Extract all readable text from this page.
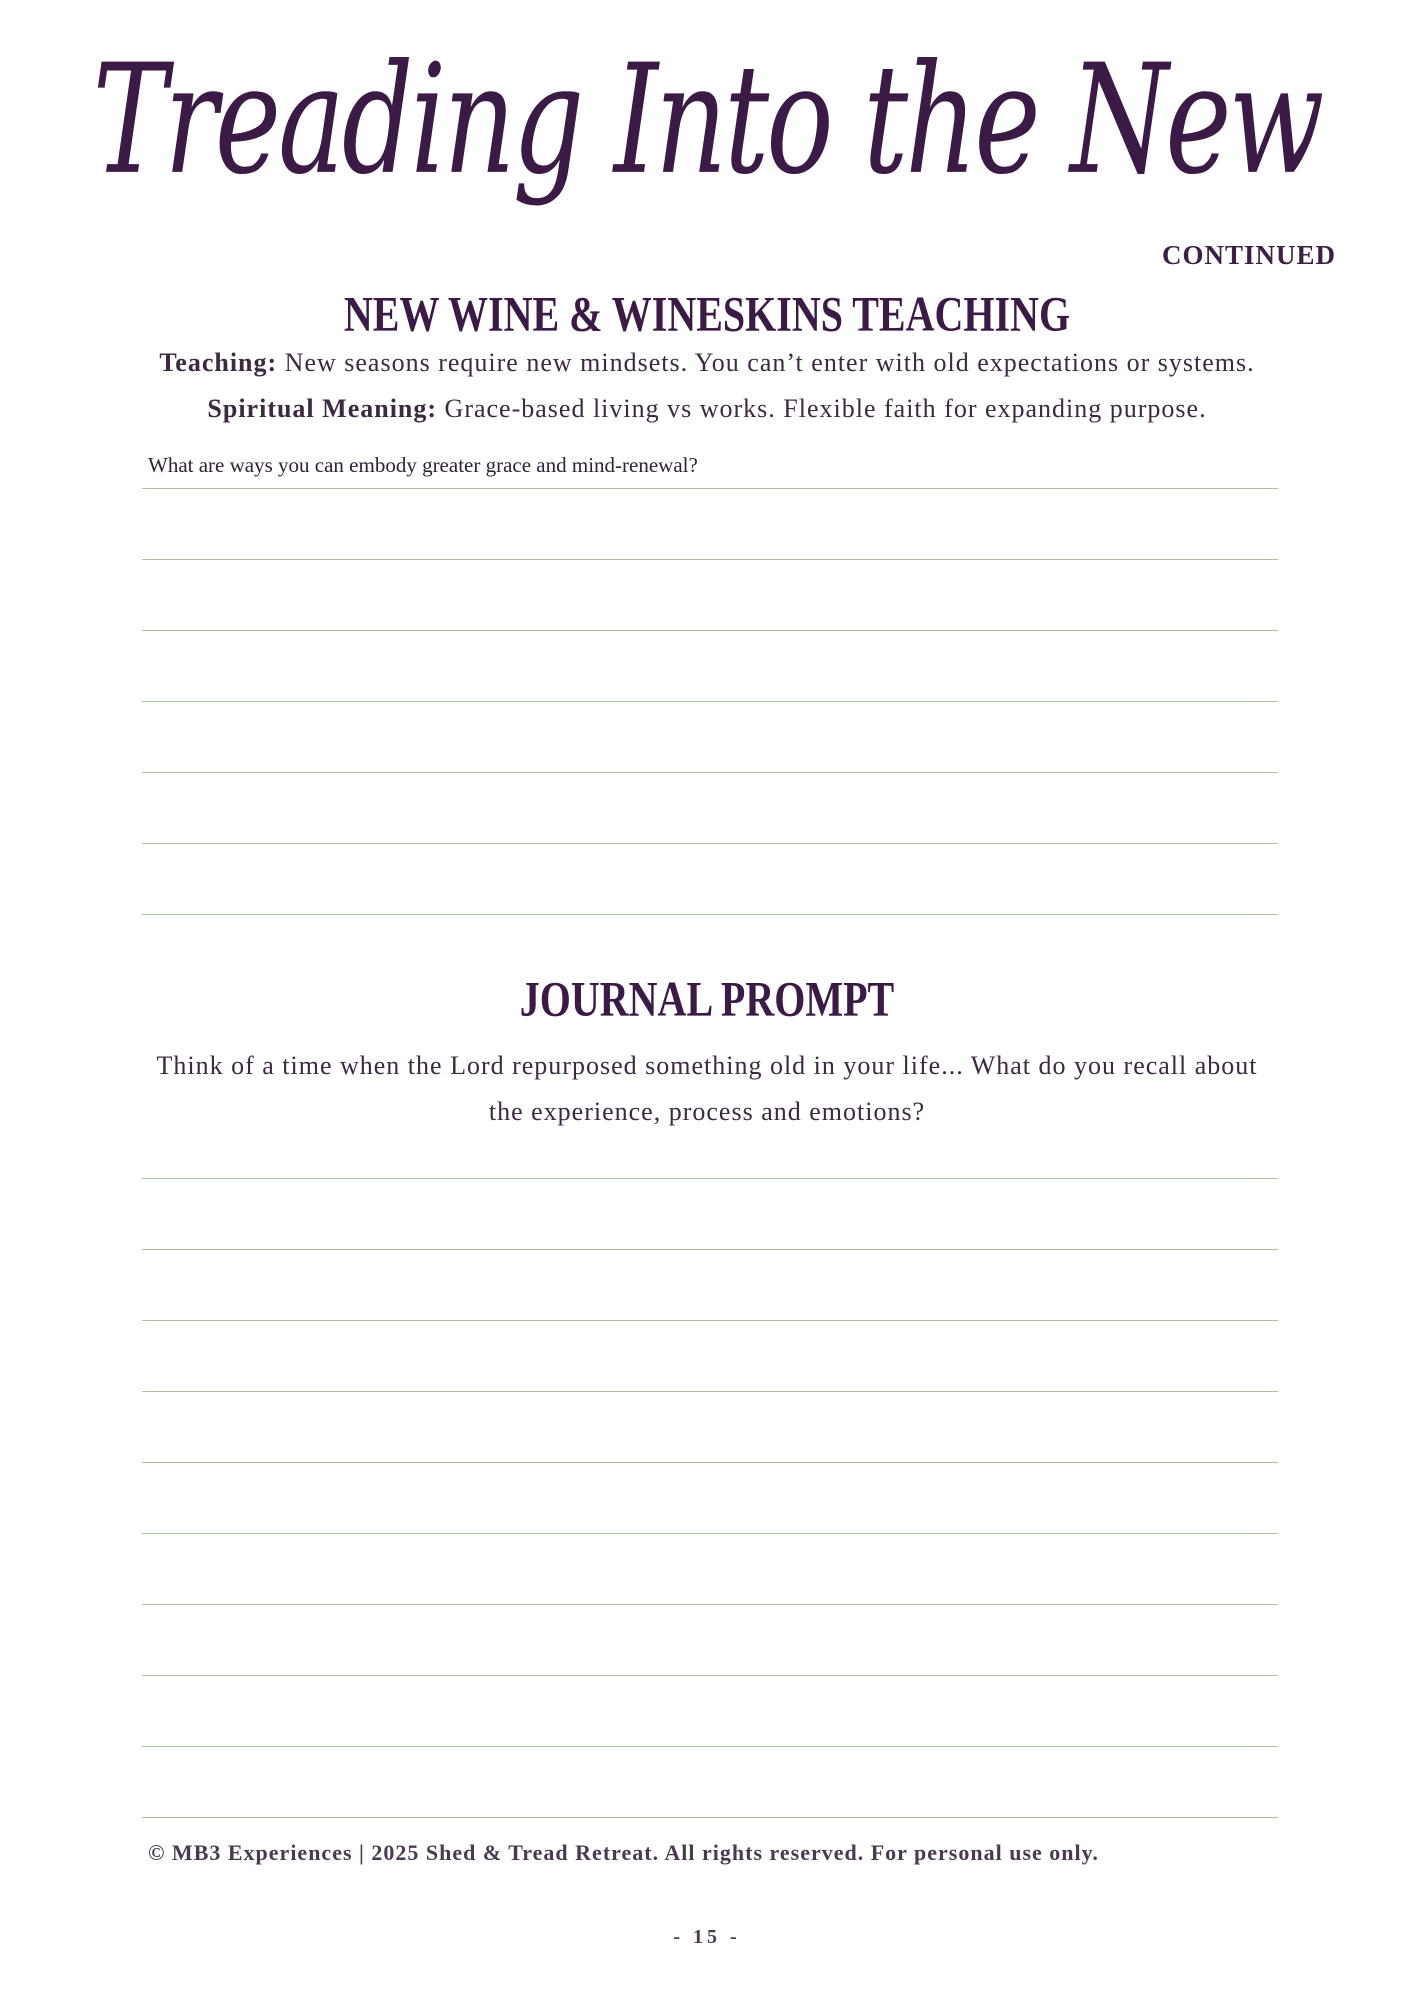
Treading Into the New
CONTINUED
NEW WINE & WINESKINS TEACHING
Teaching: New seasons require new mindsets. You can’t enter with old expectations or systems.
Spiritual Meaning: Grace-based living vs works. Flexible faith for expanding purpose.
What are ways you can embody greater grace and mind-renewal?
JOURNAL PROMPT
Think of a time when the Lord repurposed something old in your life... What do you recall about the experience, process and emotions?
© MB3 Experiences | 2025 Shed & Tread Retreat. All rights reserved. For personal use only.
- 15 -
